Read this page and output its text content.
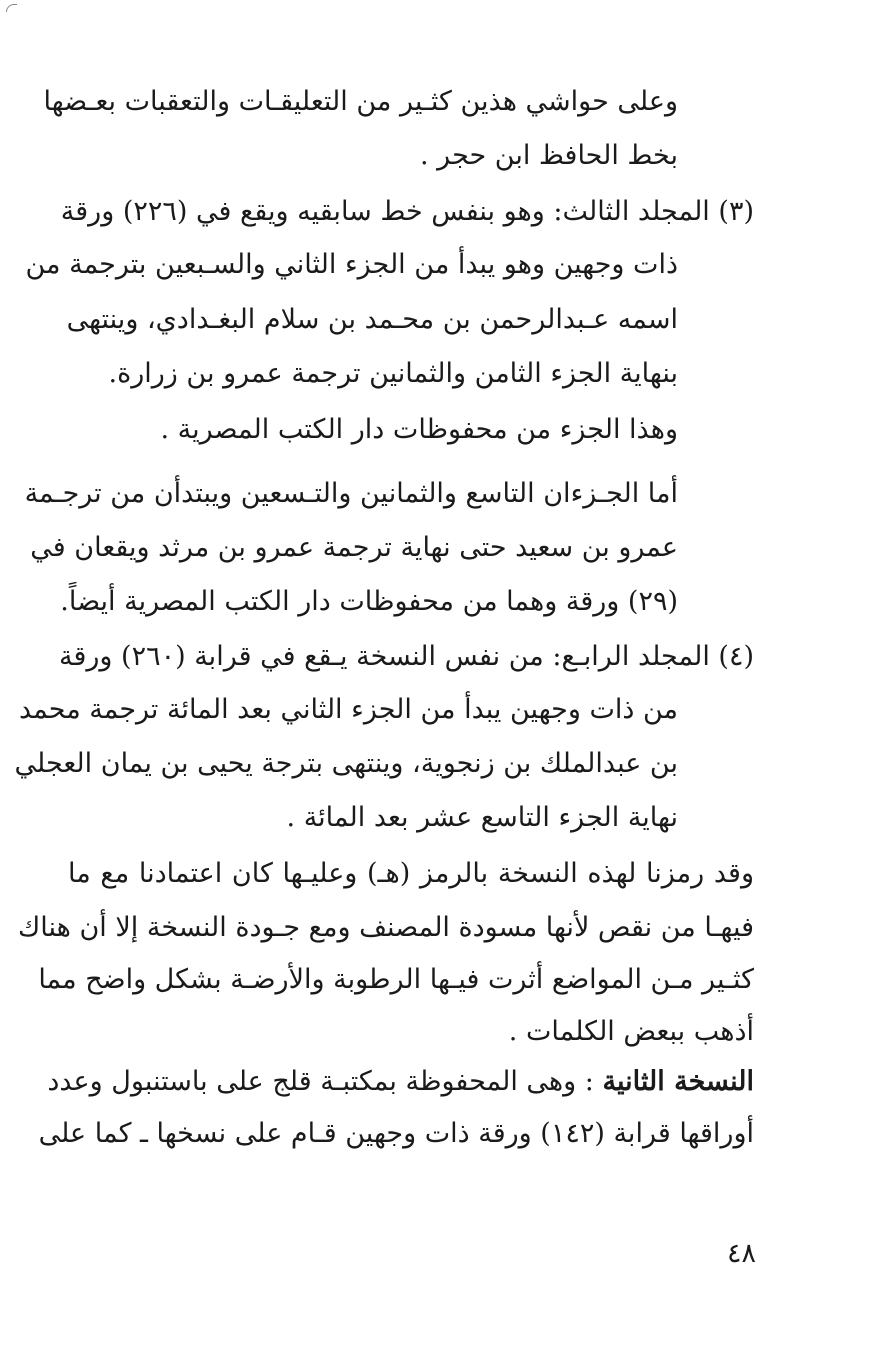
وعلى حواشي هذين كثـير من التعليقـات والتعقبات بعـضها
بخط الحافظ ابن حجر .
(٣) المجلد الثالث: وهو بنفس خط سابقيه ويقع في (٢٢٦) ورقة
ذات وجهين وهو يبدأ من الجزء الثاني والسـبعين بترجمة من
اسمه عـبدالرحمن بن محـمد بن سلام البغـدادي، وينتهى
بنهاية الجزء الثامن والثمانين ترجمة عمرو بن زرارة.
وهذا الجزء من محفوظات دار الكتب المصرية .
أما الجـزءان التاسع والثمانين والتـسعين ويبتدأن من ترجـمة
عمرو بن سعيد حتى نهاية ترجمة عمرو بن مرثد ويقعان في
(٢٩) ورقة وهما من محفوظات دار الكتب المصرية أيضاً.
(٤) المجلد الرابـع: من نفس النسخة يـقع في قرابة (٢٦٠) ورقة
من ذات وجهين يبدأ من الجزء الثاني بعد المائة ترجمة محمد
بن عبدالملك بن زنجوية، وينتهى بترجة يحيى بن يمان العجلي
نهاية الجزء التاسع عشر بعد المائة .
وقد رمزنا لهذه النسخة بالرمز (هـ) وعليـها كان اعتمادنا مع ما
فيهـا من نقص لأنها مسودة المصنف ومع جـودة النسخة إلا أن هناك
كثـير مـن المواضع أثرت فيـها الرطوبة والأرضـة بشكل واضح مما
أذهب ببعض الكلمات .
النسخة الثانية : وهى المحفوظة بمكتبـة قلج على باستنبول وعدد
أوراقها قرابة (١٤٢) ورقة ذات وجهين قـام على نسخها ـ كما على
٤٨
